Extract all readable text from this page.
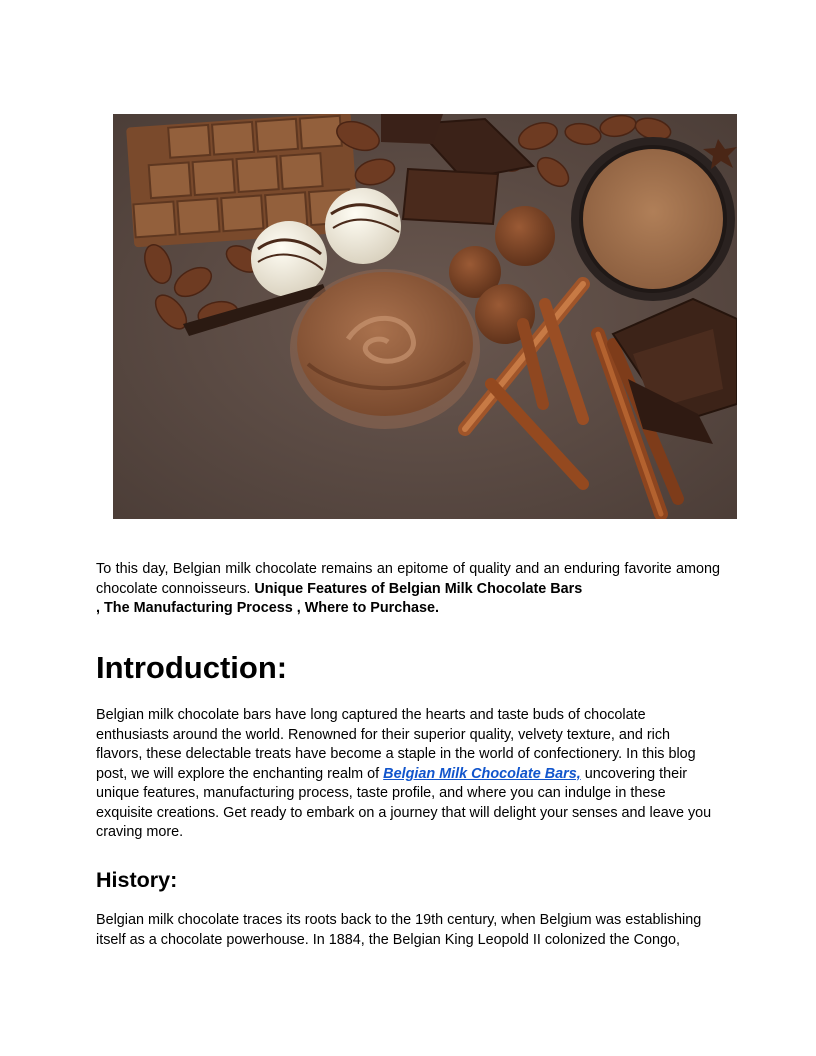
To this day, Belgian milk chocolate remains an epitome of quality and an enduring favorite among chocolate connoisseurs. Unique Features of Belgian Milk Chocolate Bars
, The Manufacturing Process , Where to Purchase.
Introduction:
Belgian milk chocolate bars have long captured the hearts and taste buds of chocolate enthusiasts around the world. Renowned for their superior quality, velvety texture, and rich flavors, these delectable treats have become a staple in the world of confectionery. In this blog post, we will explore the enchanting realm of Belgian Milk Chocolate Bars, uncovering their unique features, manufacturing process, taste profile, and where you can indulge in these exquisite creations. Get ready to embark on a journey that will delight your senses and leave you craving more.
History:
Belgian milk chocolate traces its roots back to the 19th century, when Belgium was establishing itself as a chocolate powerhouse. In 1884, the Belgian King Leopold II colonized the Congo,
